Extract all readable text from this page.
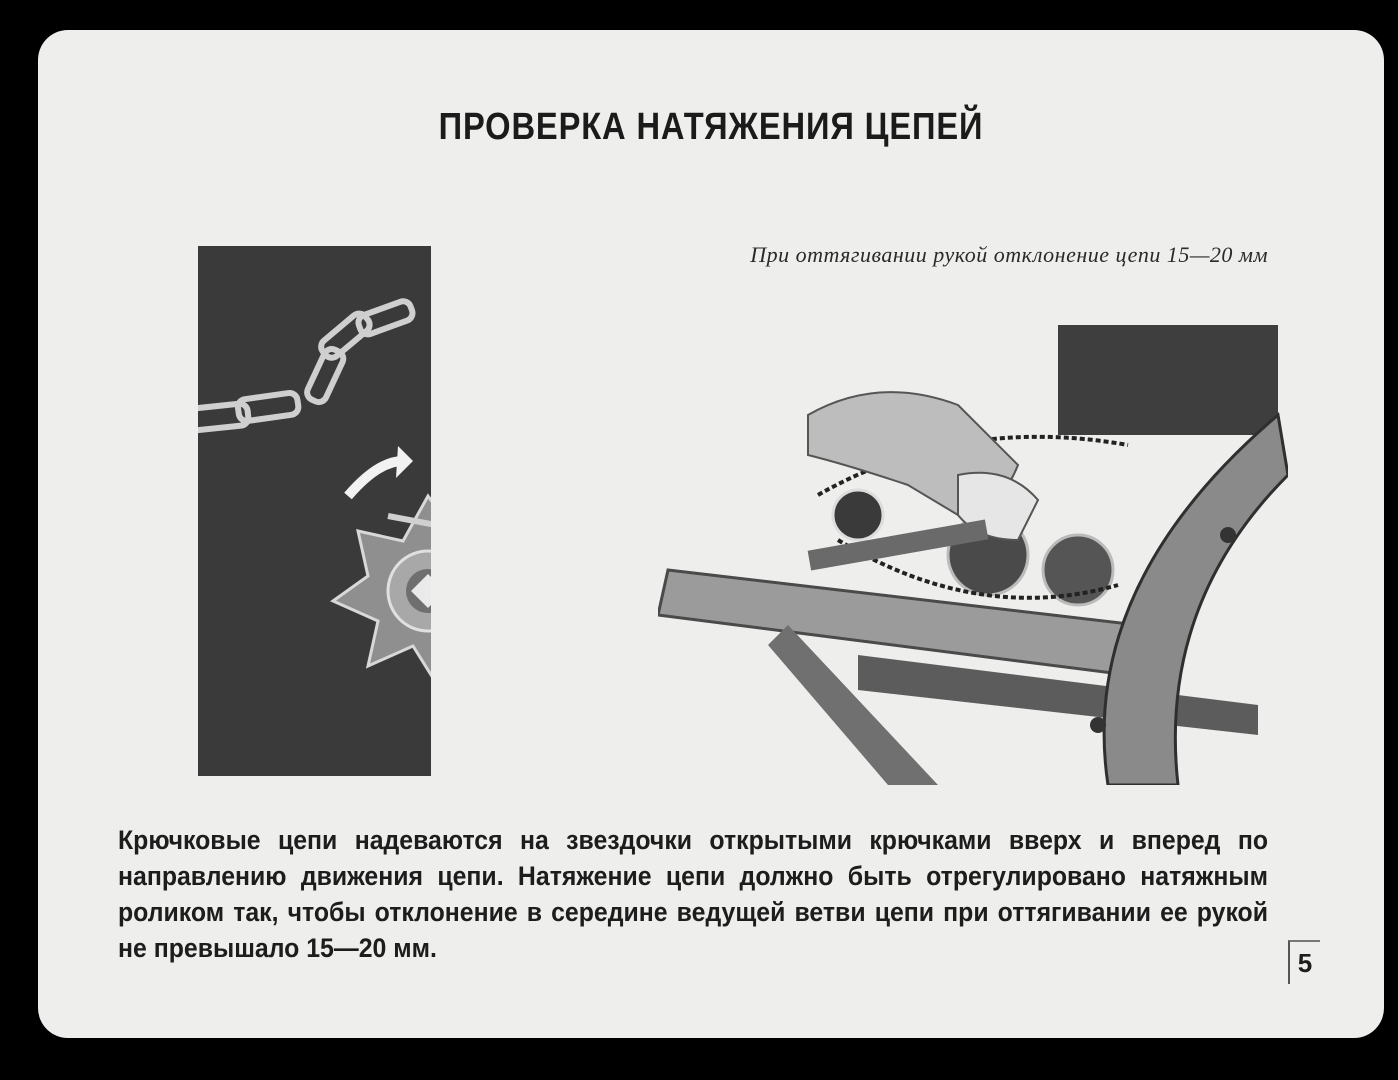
ПРОВЕРКА НАТЯЖЕНИЯ ЦЕПЕЙ
При оттягивании рукой отклонение цепи 15—20 мм

Крючковые цепи надеваются на звездочки открытыми крючками вверх и вперед по направлению движения цепи. Натяжение цепи должно быть отрегулировано натяжным роликом так, чтобы отклонение в середине ведущей ветви цепи при оттягивании ее рукой не превышало 15—20 мм.	5
